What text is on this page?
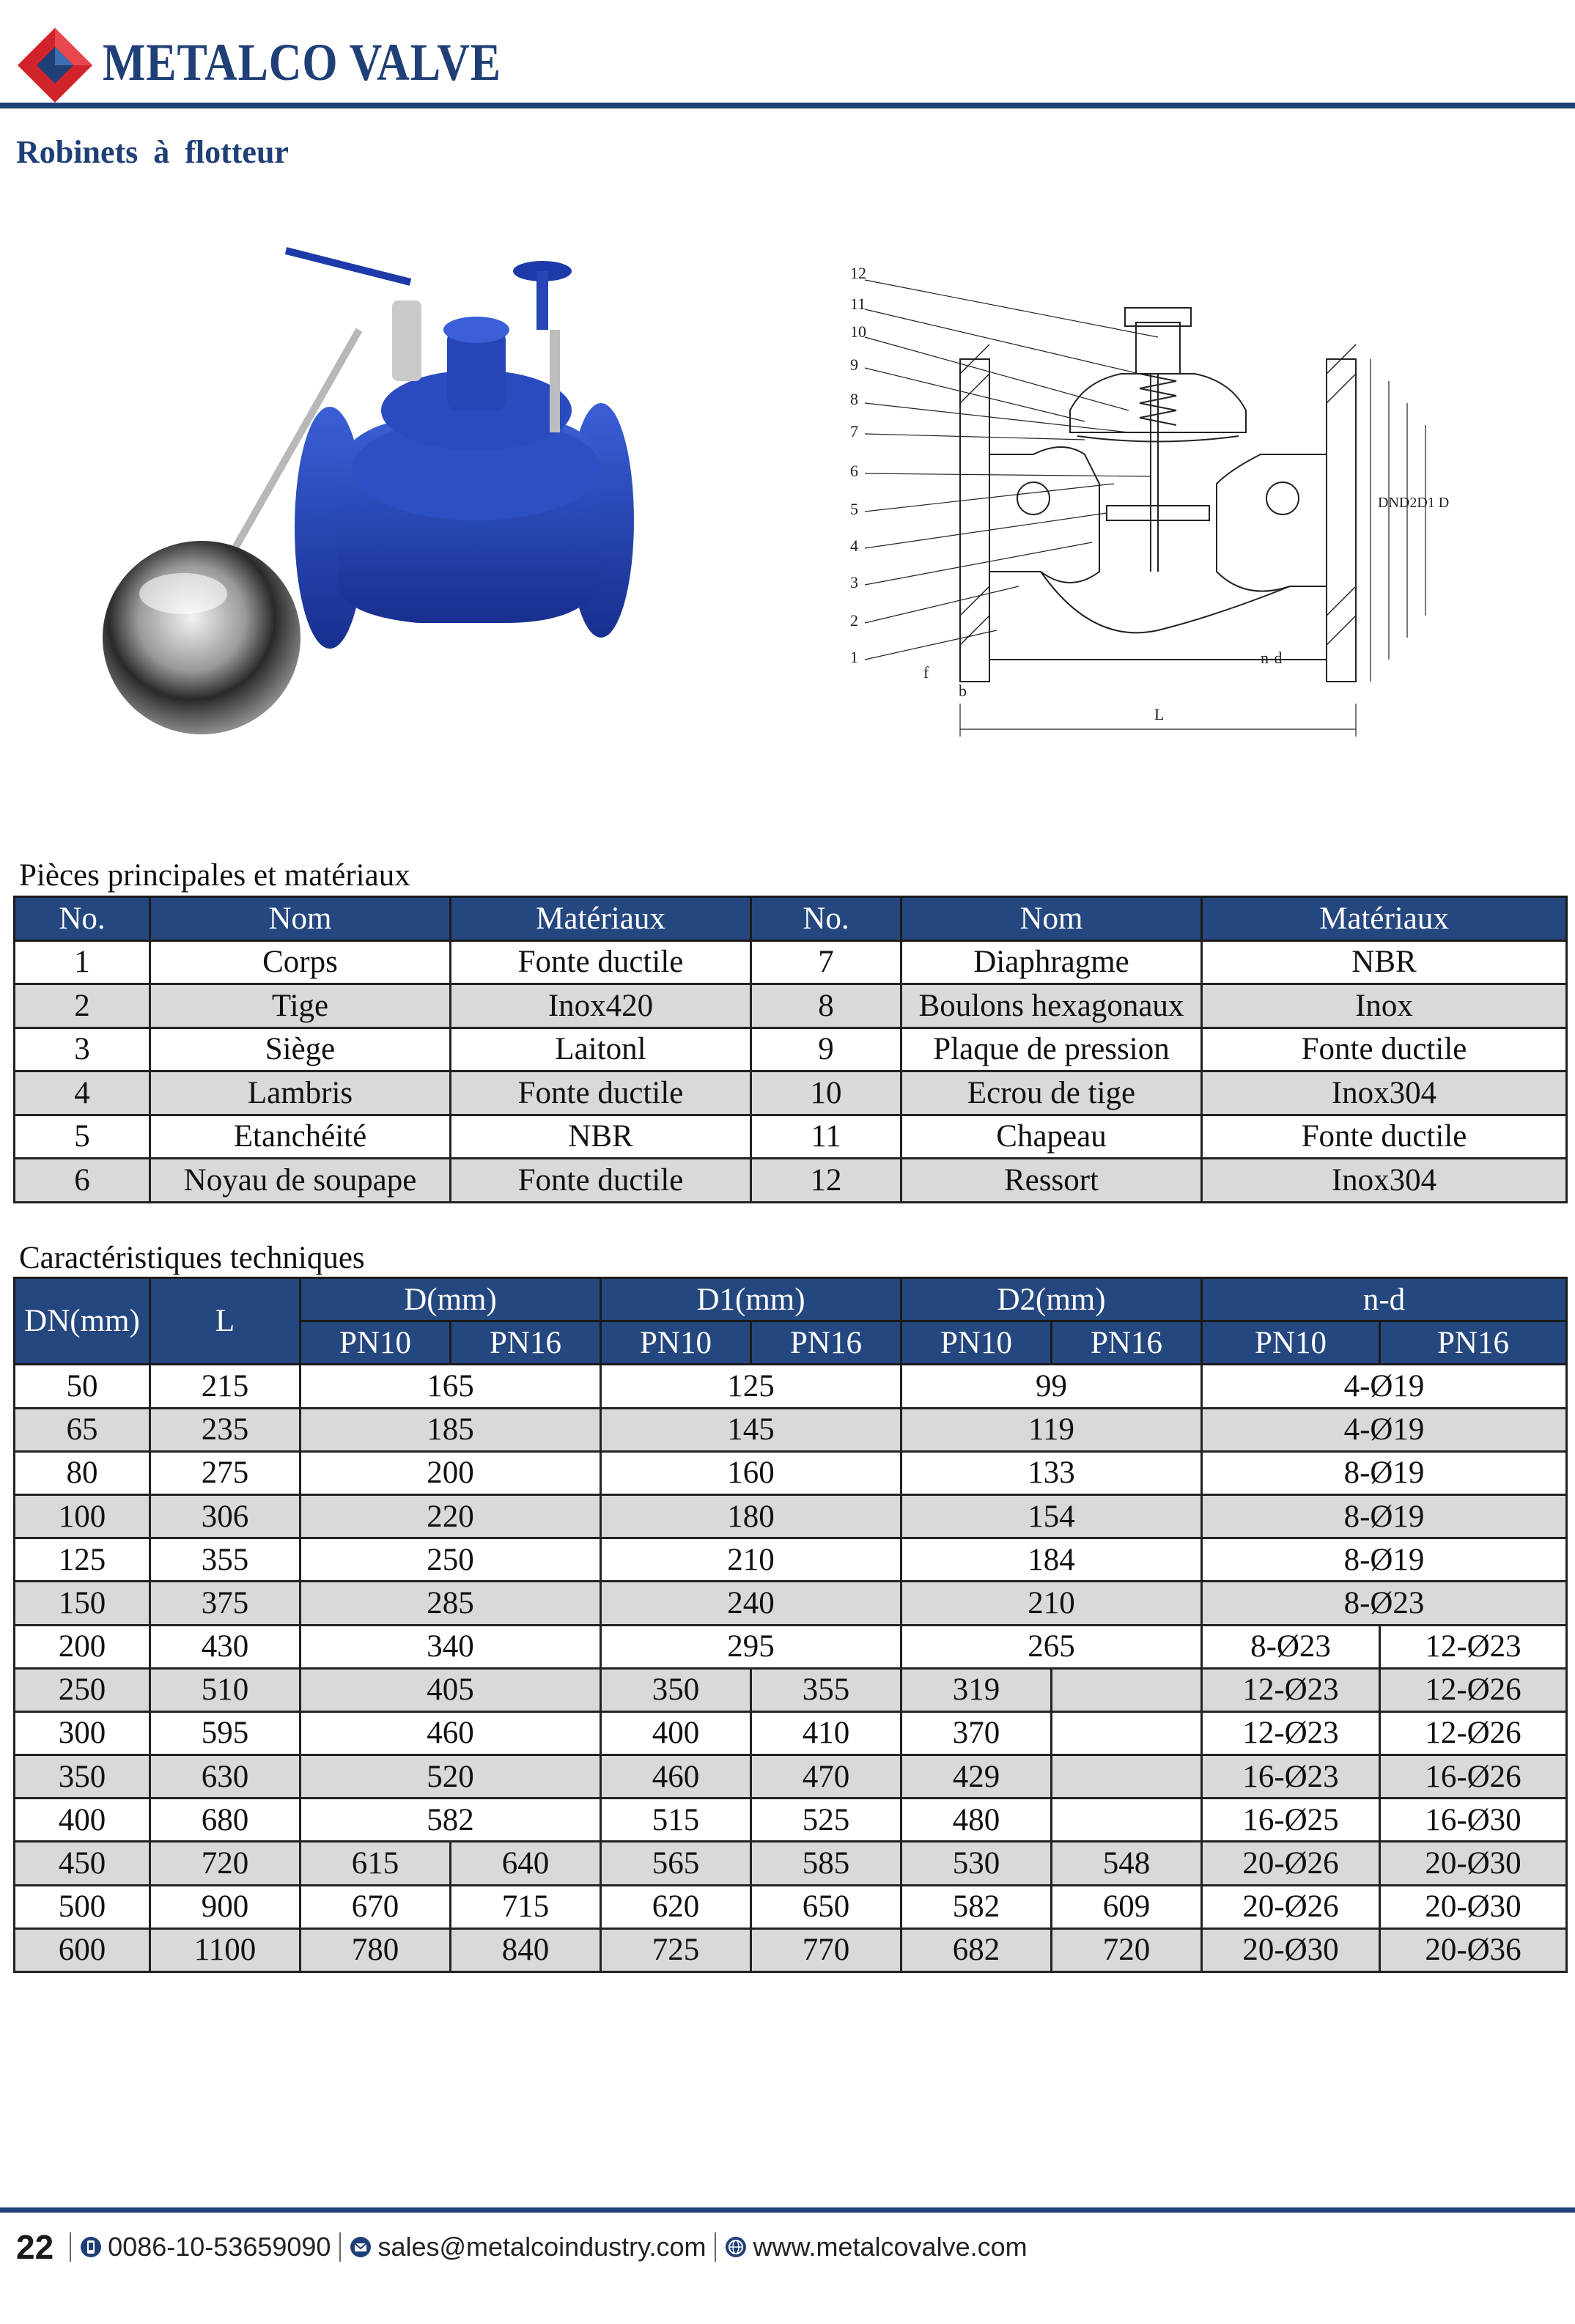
METALCO VALVE
Robinets à flotteur
12
11
10
9
8
7
6
5
4
3
2
1
DND2D1 D
n-d
L
f
b
Pièces principales et matériaux
No.	Nom	Matériaux	No.	Nom	Matériaux
1	Corps	Fonte ductile	7	Diaphragme	NBR
2	Tige	Inox420	8	Boulons hexagonaux	Inox
3	Siège	Laitonl	9	Plaque de pression	Fonte ductile
4	Lambris	Fonte ductile	10	Ecrou de tige	Inox304
5	Etanchéité	NBR	11	Chapeau	Fonte ductile
6	Noyau de soupape	Fonte ductile	12	Ressort	Inox304
Caractéristiques techniques
DN(mm)	L	D(mm)		D1(mm)		D2(mm)		n-d	
		PN10	PN16	PN10	PN16	PN10	PN16	PN10	PN16
50	215	165		125		99		4-Ø19	
65	235	185		145		119		4-Ø19	
80	275	200		160		133		8-Ø19	
100	306	220		180		154		8-Ø19	
125	355	250		210		184		8-Ø19	
150	375	285		240		210		8-Ø23	
200	430	340		295		265		8-Ø23	12-Ø23
250	510	405		350	355	319		12-Ø23	12-Ø26
300	595	460		400	410	370		12-Ø23	12-Ø26
350	630	520		460	470	429		16-Ø23	16-Ø26
400	680	582		515	525	480		16-Ø25	16-Ø30
450	720	615	640	565	585	530	548	20-Ø26	20-Ø30
500	900	670	715	620	650	582	609	20-Ø26	20-Ø30
600	1100	780	840	725	770	682	720	20-Ø30	20-Ø36
22 0086-10-53659090 sales@metalcoindustry.com www.metalcovalve.com
